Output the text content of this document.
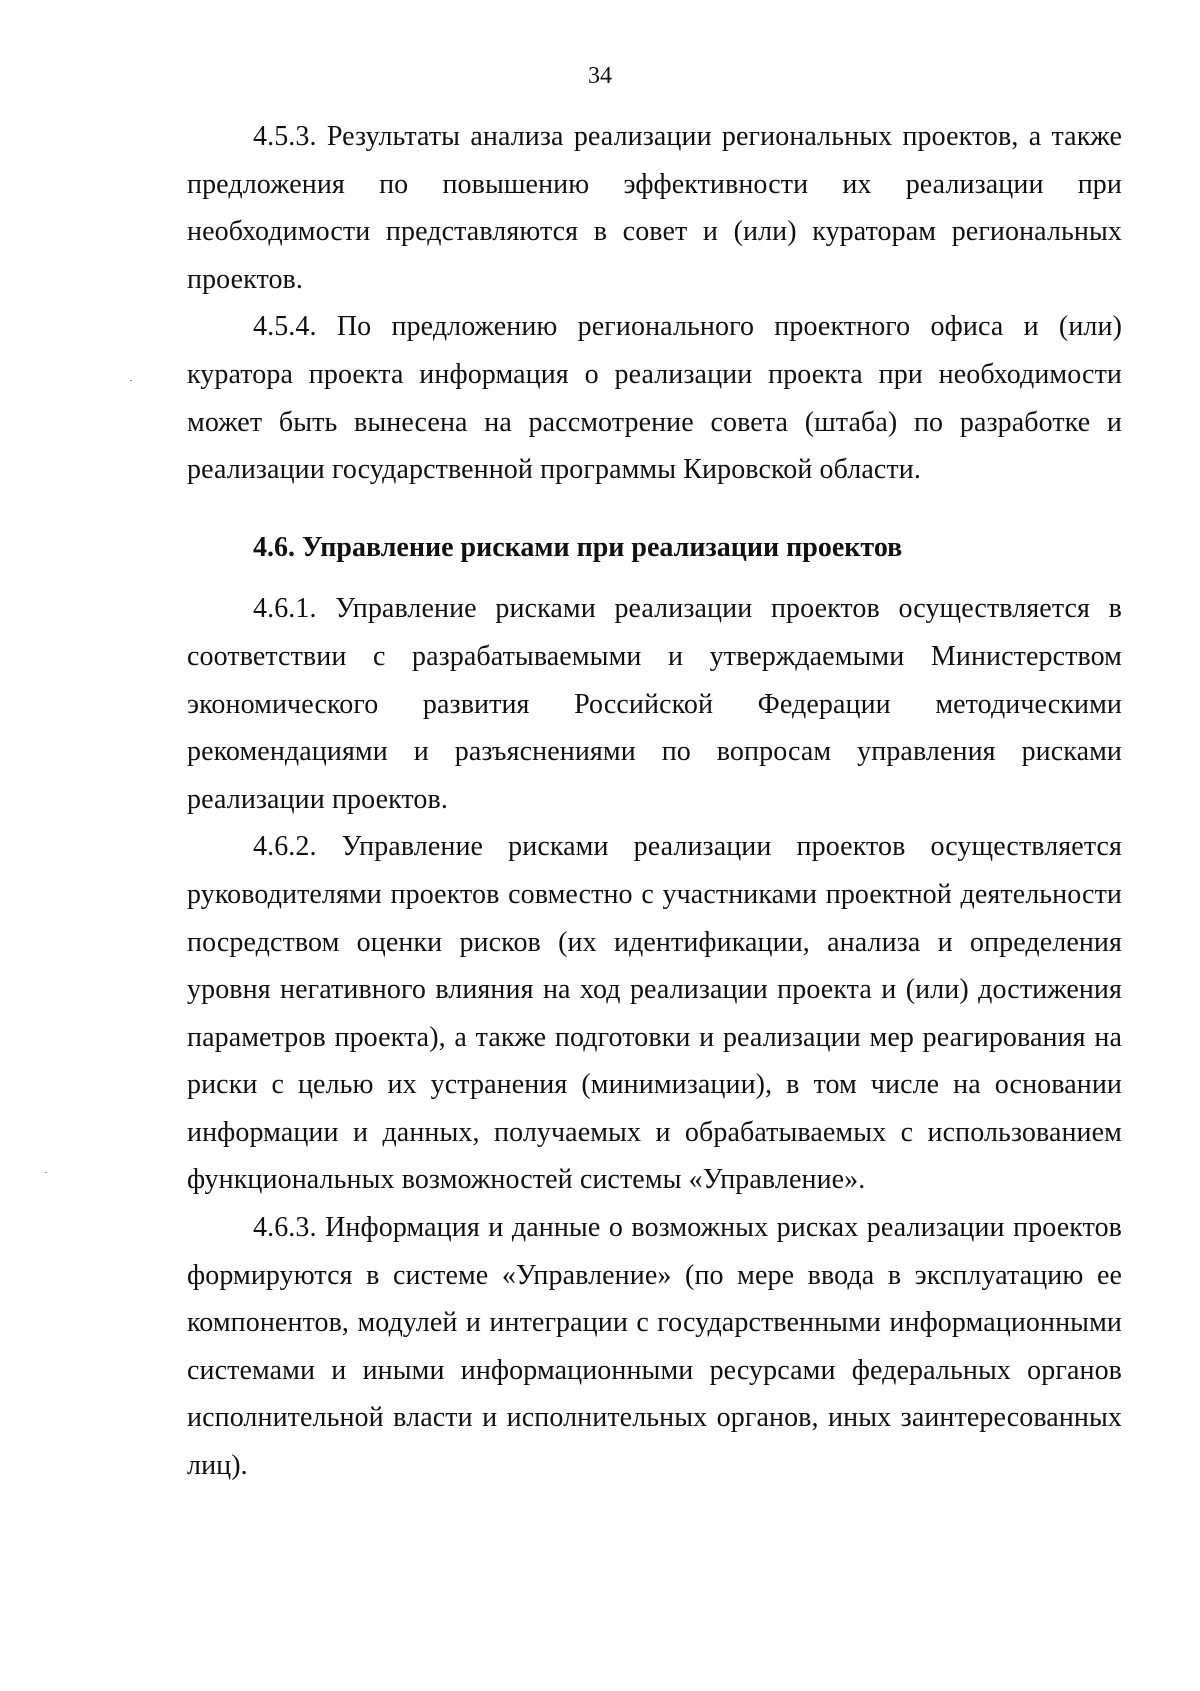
34

4.5.3. Результаты анализа реализации региональных проектов, а также предложения по повышению эффективности их реализации при необходимости представляются в совет и (или) кураторам региональных проектов.

4.5.4. По предложению регионального проектного офиса и (или) куратора проекта информация о реализации проекта при необходимости может быть вынесена на рассмотрение совета (штаба) по разработке и реализации государственной программы Кировской области.

4.6. Управление рисками при реализации проектов

4.6.1. Управление рисками реализации проектов осуществляется в соответствии с разрабатываемыми и утверждаемыми Министерством экономического развития Российской Федерации методическими рекомендациями и разъяснениями по вопросам управления рисками реализации проектов.

4.6.2. Управление рисками реализации проектов осуществляется руководителями проектов совместно с участниками проектной деятельности посредством оценки рисков (их идентификации, анализа и определения уровня негативного влияния на ход реализации проекта и (или) достижения параметров проекта), а также подготовки и реализации мер реагирования на риски с целью их устранения (минимизации), в том числе на основании информации и данных, получаемых и обрабатываемых с использованием функциональных возможностей системы «Управление».

4.6.3. Информация и данные о возможных рисках реализации проектов формируются в системе «Управление» (по мере ввода в эксплуатацию ее компонентов, модулей и интеграции с государственными информационными системами и иными информационными ресурсами федеральных органов исполнительной власти и исполнительных органов, иных заинтересованных лиц).
